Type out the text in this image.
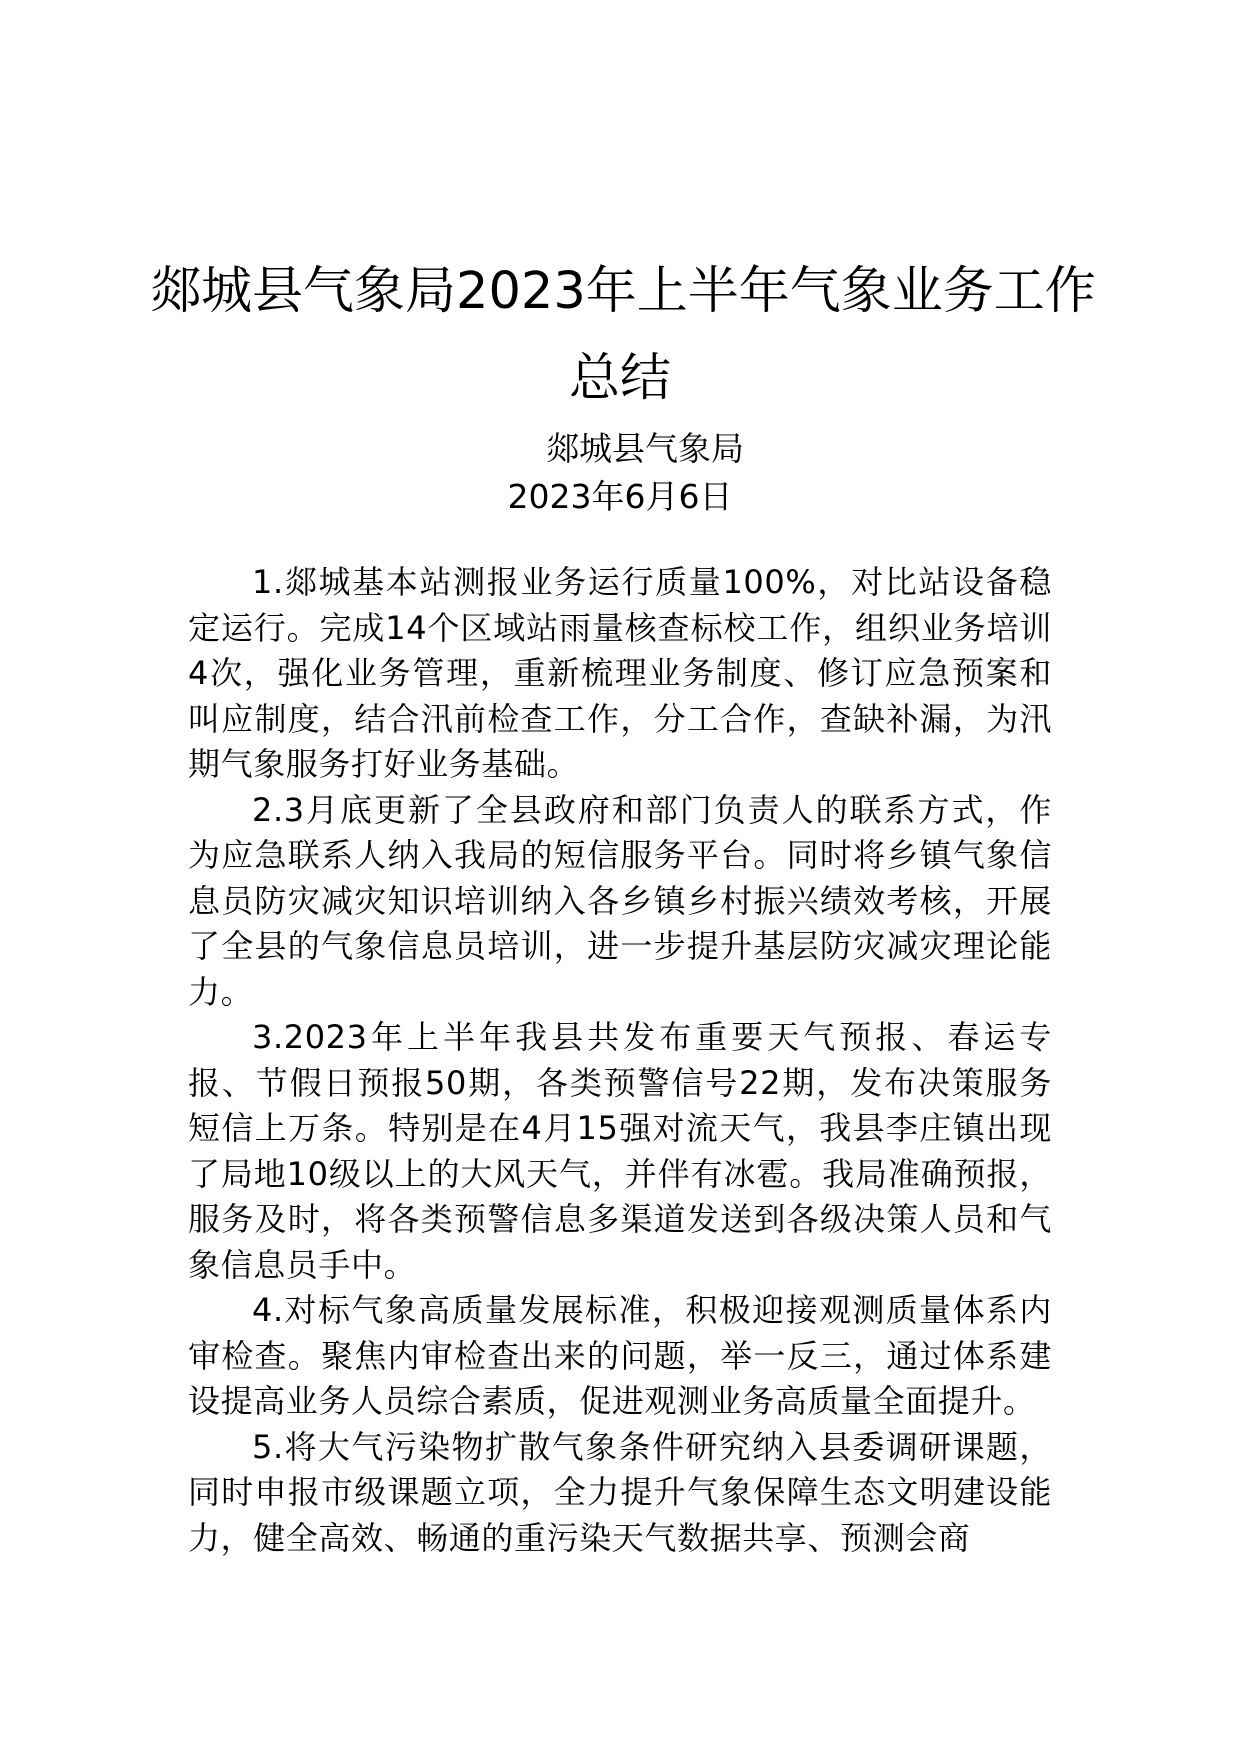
郯城县气象局2023年上半年气象业务工作
总结
郯城县气象局
2023年6月6日

1.郯城基本站测报业务运行质量100%，对比站设备稳定运行。完成14个区域站雨量核查标校工作，组织业务培训4次，强化业务管理，重新梳理业务制度、修订应急预案和叫应制度，结合汛前检查工作，分工合作，查缺补漏，为汛期气象服务打好业务基础。

2.3月底更新了全县政府和部门负责人的联系方式，作为应急联系人纳入我局的短信服务平台。同时将乡镇气象信息员防灾减灾知识培训纳入各乡镇乡村振兴绩效考核，开展了全县的气象信息员培训，进一步提升基层防灾减灾理论能力。

3.2023年上半年我县共发布重要天气预报、春运专报、节假日预报50期，各类预警信号22期，发布决策服务短信上万条。特别是在4月15强对流天气，我县李庄镇出现了局地10级以上的大风天气，并伴有冰雹。我局准确预报，服务及时，将各类预警信息多渠道发送到各级决策人员和气象信息员手中。

4.对标气象高质量发展标准，积极迎接观测质量体系内审检查。聚焦内审检查出来的问题，举一反三，通过体系建设提高业务人员综合素质，促进观测业务高质量全面提升。

5.将大气污染物扩散气象条件研究纳入县委调研课题，同时申报市级课题立项，全力提升气象保障生态文明建设能力，健全高效、畅通的重污染天气数据共享、预测会商
